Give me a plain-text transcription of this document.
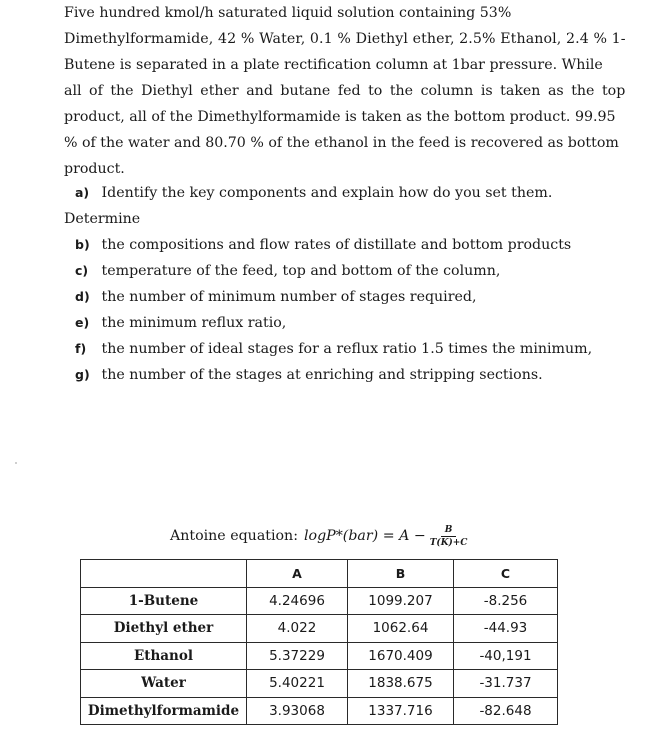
Five hundred kmol/h saturated liquid solution containing 53%
Dimethylformamide, 42 % Water, 0.1 % Diethyl ether, 2.5% Ethanol, 2.4 % 1-
Butene is separated in a plate rectification column at 1bar pressure. While
all of the Diethyl ether and butane fed to the column is taken as the top
product, all of the Dimethylformamide is taken as the bottom product. 99.95
% of the water and 80.70 % of the ethanol in the feed is recovered as bottom
product.
a) Identify the key components and explain how do you set them.
Determine
b) the compositions and flow rates of distillate and bottom products
c) temperature of the feed, top and bottom of the column,
d) the number of minimum number of stages required,
e) the minimum reflux ratio,
f) the number of ideal stages for a reflux ratio 1.5 times the minimum,
g) the number of the stages at enriching and stripping sections.
Antoine equation: $\log P*(bar) = A - \frac{B}{T(K)+C}$
	A	B	C
1-Butene	4.24696	1099.207	-8.256
Diethyl ether	4.022	1062.64	-44.93
Ethanol	5.37229	1670.409	-40,191
Water	5.40221	1838.675	-31.737
Dimethylformamide	3.93068	1337.716	-82.648
